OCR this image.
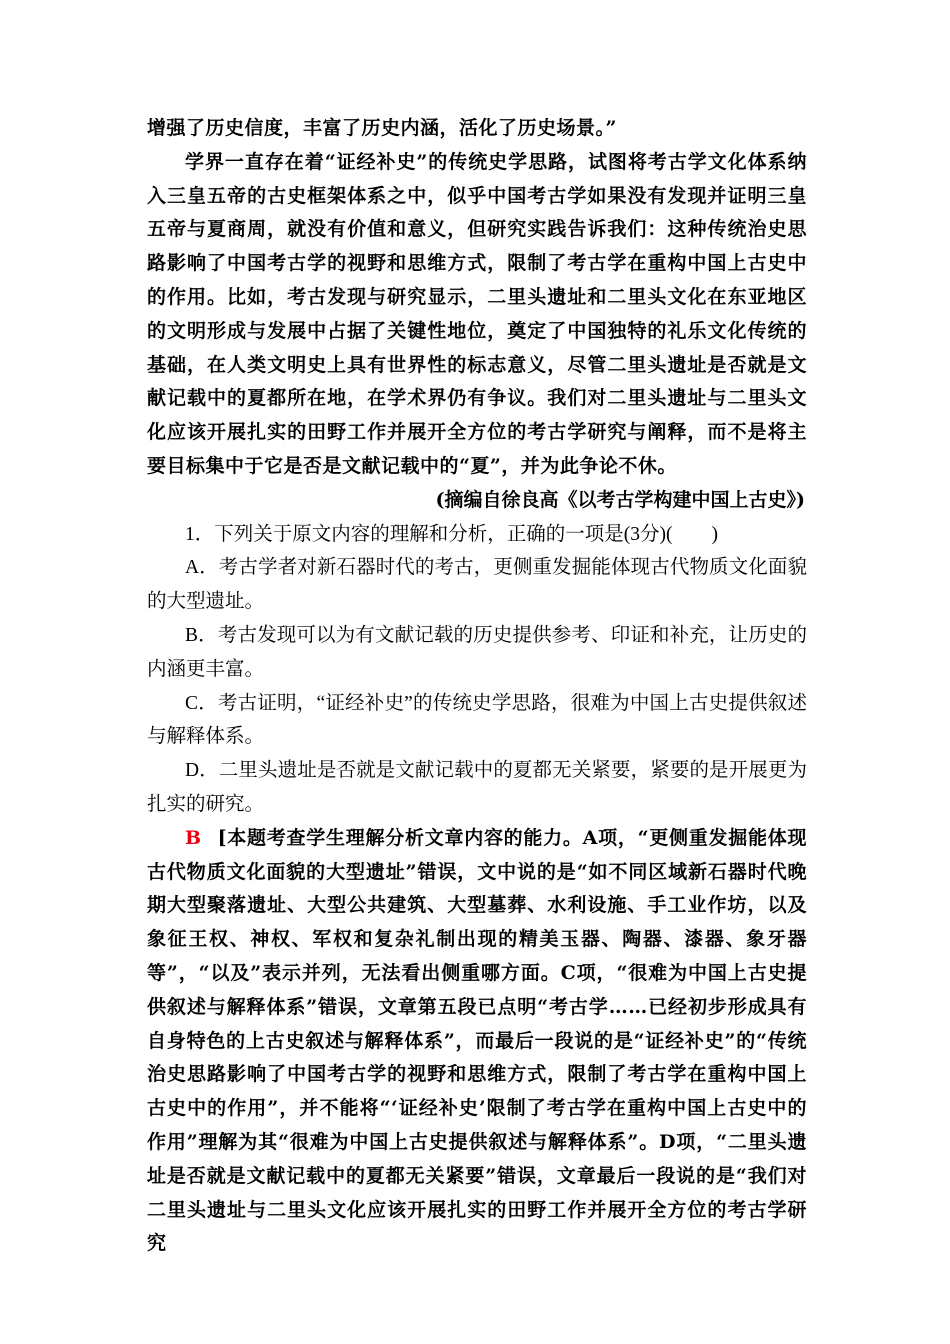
增强了历史信度，丰富了历史内涵，活化了历史场景。”

学界一直存在着“证经补史”的传统史学思路，试图将考古学文化体系纳入三皇五帝的古史框架体系之中，似乎中国考古学如果没有发现并证明三皇五帝与夏商周，就没有价值和意义，但研究实践告诉我们：这种传统治史思路影响了中国考古学的视野和思维方式，限制了考古学在重构中国上古史中的作用。比如，考古发现与研究显示，二里头遗址和二里头文化在东亚地区的文明形成与发展中占据了关键性地位，奠定了中国独特的礼乐文化传统的基础，在人类文明史上具有世界性的标志意义，尽管二里头遗址是否就是文献记载中的夏都所在地，在学术界仍有争议。我们对二里头遗址与二里头文化应该开展扎实的田野工作并展开全方位的考古学研究与阐释，而不是将主要目标集中于它是否是文献记载中的“夏”，并为此争论不休。

(摘编自徐良高《以考古学构建中国上古史》)

1．下列关于原文内容的理解和分析，正确的一项是(3分)(　　)

A．考古学者对新石器时代的考古，更侧重发掘能体现古代物质文化面貌的大型遗址。

B．考古发现可以为有文献记载的历史提供参考、印证和补充，让历史的内涵更丰富。

C．考古证明，“证经补史”的传统史学思路，很难为中国上古史提供叙述与解释体系。

D．二里头遗址是否就是文献记载中的夏都无关紧要，紧要的是开展更为扎实的研究。

B [本题考查学生理解分析文章内容的能力。A项，“更侧重发掘能体现古代物质文化面貌的大型遗址”错误，文中说的是“如不同区域新石器时代晚期大型聚落遗址、大型公共建筑、大型墓葬、水利设施、手工业作坊，以及象征王权、神权、军权和复杂礼制出现的精美玉器、陶器、漆器、象牙器等”，“以及”表示并列，无法看出侧重哪方面。C项，“很难为中国上古史提供叙述与解释体系”错误，文章第五段已点明“考古学……已经初步形成具有自身特色的上古史叙述与解释体系”，而最后一段说的是“证经补史”的“传统治史思路影响了中国考古学的视野和思维方式，限制了考古学在重构中国上古史中的作用”，并不能将“‘证经补史’限制了考古学在重构中国上古史中的作用”理解为其“很难为中国上古史提供叙述与解释体系”。D项，“二里头遗址是否就是文献记载中的夏都无关紧要”错误，文章最后一段说的是“我们对二里头遗址与二里头文化应该开展扎实的田野工作并展开全方位的考古学研究
